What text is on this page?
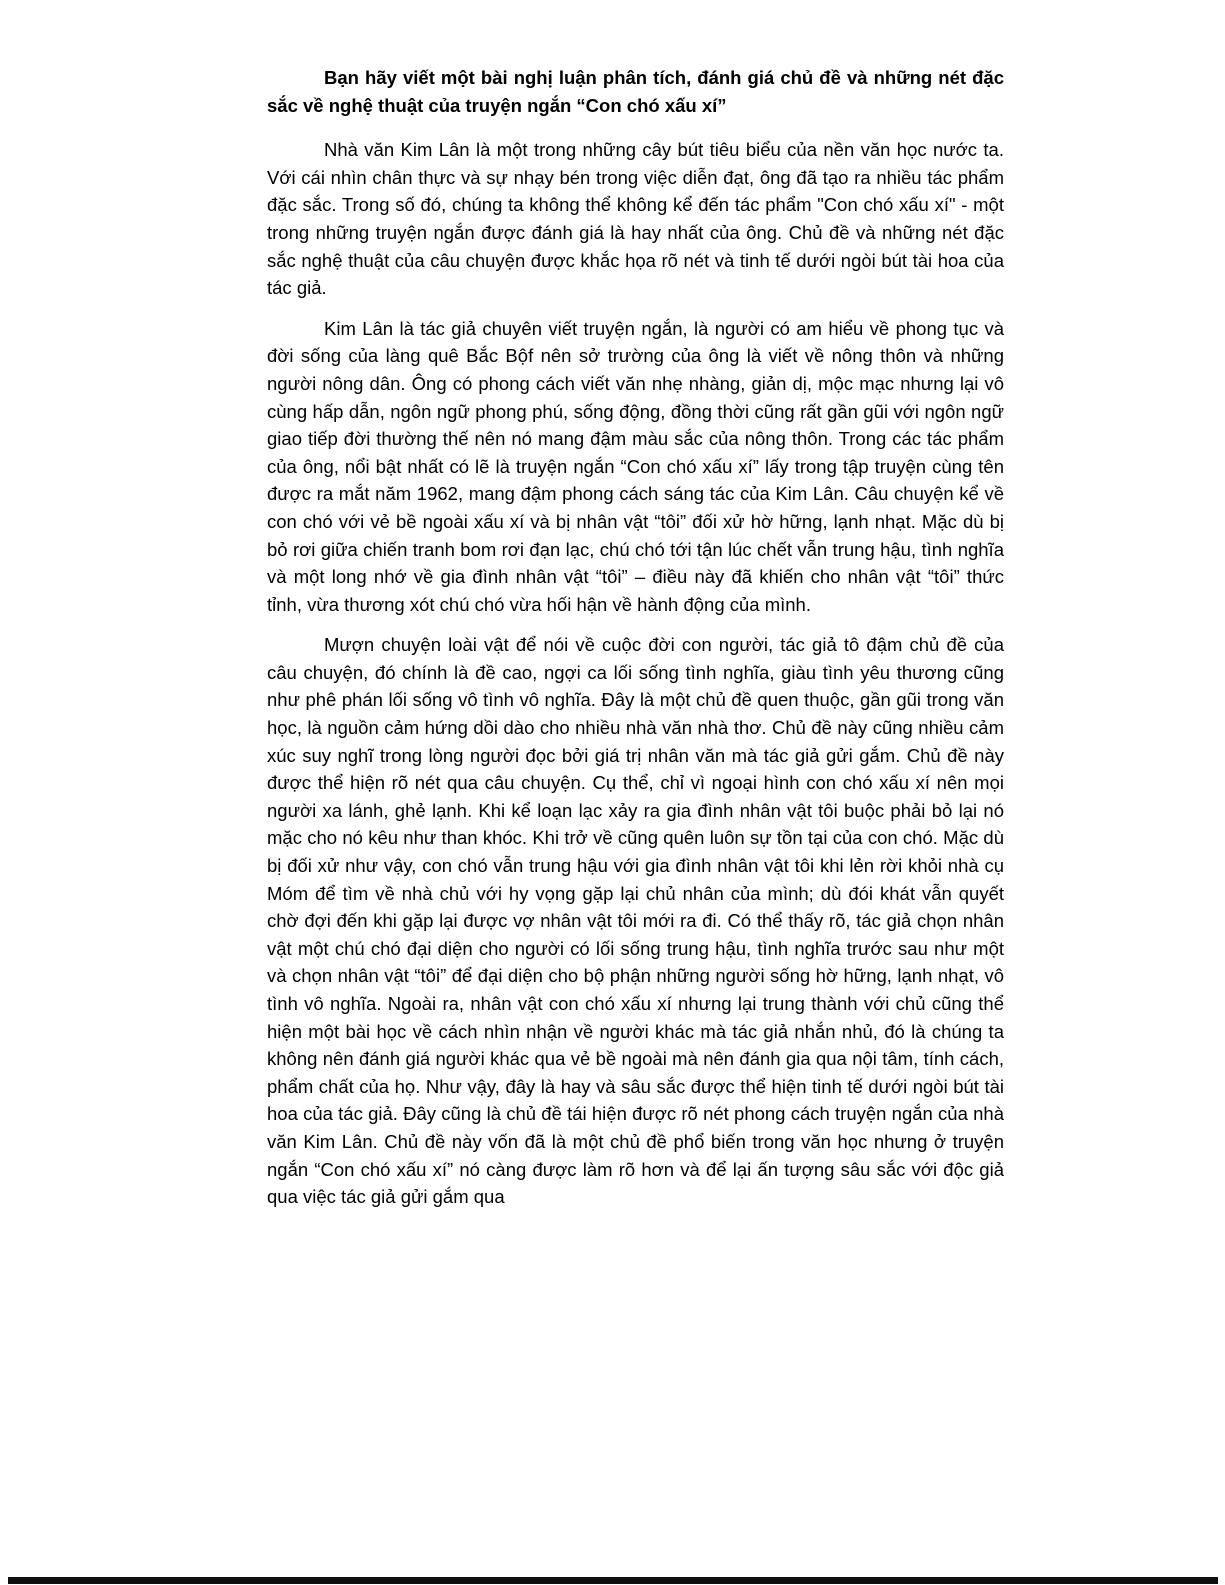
Bạn hãy viết một bài nghị luận phân tích, đánh giá chủ đề và những nét đặc sắc về nghệ thuật của truyện ngắn “Con chó xấu xí”

Nhà văn Kim Lân là một trong những cây bút tiêu biểu của nền văn học nước ta. Với cái nhìn chân thực và sự nhạy bén trong việc diễn đạt, ông đã tạo ra nhiều tác phẩm đặc sắc. Trong số đó, chúng ta không thể không kể đến tác phẩm "Con chó xấu xí" - một trong những truyện ngắn được đánh giá là hay nhất của ông. Chủ đề và những nét đặc sắc nghệ thuật của câu chuyện được khắc họa rõ nét và tinh tế dưới ngòi bút tài hoa của tác giả.

Kim Lân là tác giả chuyên viết truyện ngắn, là người có am hiểu về phong tục và đời sống của làng quê Bắc Bộf nên sở trường của ông là viết về nông thôn và những người nông dân. Ông có phong cách viết văn nhẹ nhàng, giản dị, mộc mạc nhưng lại vô cùng hấp dẫn, ngôn ngữ phong phú, sống động, đồng thời cũng rất gần gũi với ngôn ngữ giao tiếp đời thường thế nên nó mang đậm màu sắc của nông thôn. Trong các tác phẩm của ông, nổi bật nhất có lẽ là truyện ngắn “Con chó xấu xí” lấy trong tập truyện cùng tên được ra mắt năm 1962, mang đậm phong cách sáng tác của Kim Lân. Câu chuyện kể về con chó với vẻ bề ngoài xấu xí và bị nhân vật “tôi” đối xử hờ hững, lạnh nhạt. Mặc dù bị bỏ rơi giữa chiến tranh bom rơi đạn lạc, chú chó tới tận lúc chết vẫn trung hậu, tình nghĩa và một long nhớ về gia đình nhân vật “tôi” – điều này đã khiến cho nhân vật “tôi” thức tỉnh, vừa thương xót chú chó vừa hối hận về hành động của mình.

Mượn chuyện loài vật để nói về cuộc đời con người, tác giả tô đậm chủ đề của câu chuyện, đó chính là đề cao, ngợi ca lối sống tình nghĩa, giàu tình yêu thương cũng như phê phán lối sống vô tình vô nghĩa. Đây là một chủ đề quen thuộc, gần gũi trong văn học, là nguồn cảm hứng dồi dào cho nhiều nhà văn nhà thơ. Chủ đề này cũng nhiều cảm xúc suy nghĩ trong lòng người đọc bởi giá trị nhân văn mà tác giả gửi gắm. Chủ đề này được thể hiện rõ nét qua câu chuyện. Cụ thể, chỉ vì ngoại hình con chó xấu xí nên mọi người xa lánh, ghẻ lạnh. Khi kể loạn lạc xảy ra gia đình nhân vật tôi buộc phải bỏ lại nó mặc cho nó kêu như than khóc. Khi trở về cũng quên luôn sự tồn tại của con chó. Mặc dù bị đối xử như vậy, con chó vẫn trung hậu với gia đình nhân vật tôi khi lẻn rời khỏi nhà cụ Móm để tìm về nhà chủ với hy vọng gặp lại chủ nhân của mình; dù đói khát vẫn quyết chờ đợi đến khi gặp lại được vợ nhân vật tôi mới ra đi. Có thể thấy rõ, tác giả chọn nhân vật một chú chó đại diện cho người có lối sống trung hậu, tình nghĩa trước sau như một và chọn nhân vật “tôi” để đại diện cho bộ phận những người sống hờ hững, lạnh nhạt, vô tình vô nghĩa. Ngoài ra, nhân vật con chó xấu xí nhưng lại trung thành với chủ cũng thể hiện một bài học về cách nhìn nhận về người khác mà tác giả nhắn nhủ, đó là chúng ta không nên đánh giá người khác qua vẻ bề ngoài mà nên đánh gia qua nội tâm, tính cách, phẩm chất của họ. Như vậy, đây là hay và sâu sắc được thể hiện tinh tế dưới ngòi bút tài hoa của tác giả. Đây cũng là chủ đề tái hiện được rõ nét phong cách truyện ngắn của nhà văn Kim Lân. Chủ đề này vốn đã là một chủ đề phổ biến trong văn học nhưng ở truyện ngắn “Con chó xấu xí” nó càng được làm rõ hơn và để lại ấn tượng sâu sắc với độc giả qua việc tác giả gửi gắm qua
